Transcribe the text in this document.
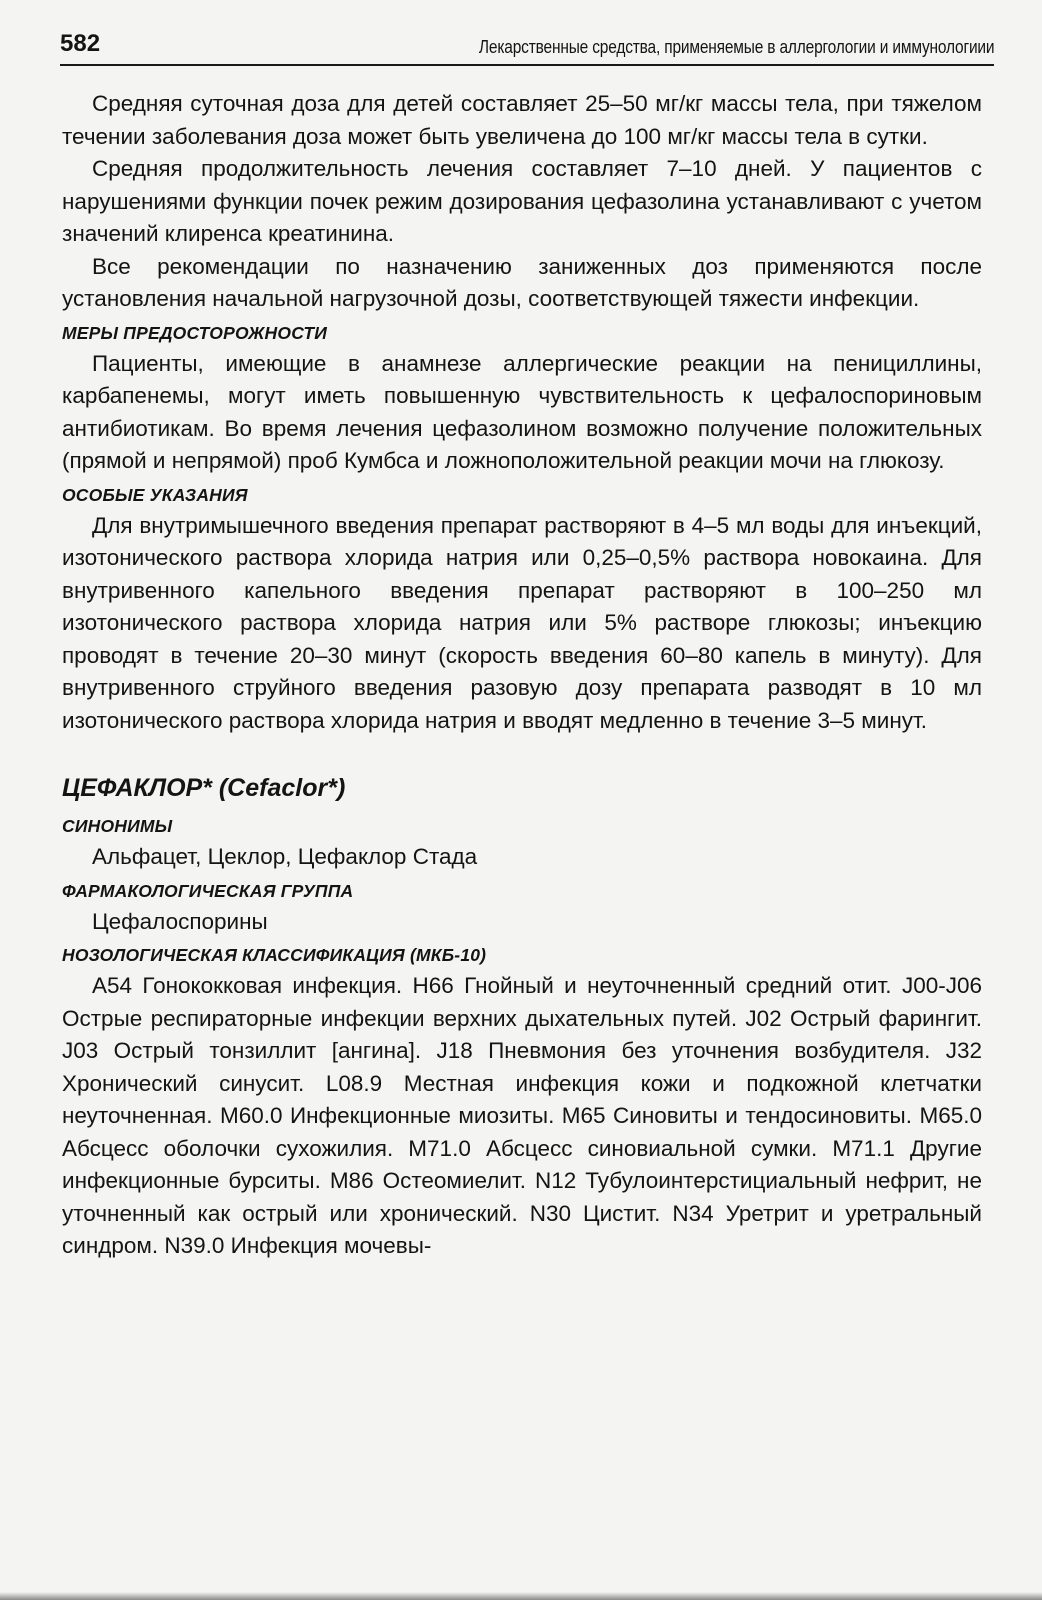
582	Лекарственные средства, применяемые в аллергологии и иммунологиии

Средняя суточная доза для детей составляет 25–50 мг/кг массы тела, при тяжелом течении заболевания доза может быть увеличена до 100 мг/кг массы тела в сутки.

Средняя продолжительность лечения составляет 7–10 дней. У пациентов с нарушениями функции почек режим дозирования цефазолина устанавливают с учетом значений клиренса креатинина.

Все рекомендации по назначению заниженных доз применяются после установления начальной нагрузочной дозы, соответствующей тяжести инфекции.

МЕРЫ ПРЕДОСТОРОЖНОСТИ

Пациенты, имеющие в анамнезе аллергические реакции на пенициллины, карбапенемы, могут иметь повышенную чувствительность к цефалоспориновым антибиотикам. Во время лечения цефазолином возможно получение положительных (прямой и непрямой) проб Кумбса и ложноположительной реакции мочи на глюкозу.

ОСОБЫЕ УКАЗАНИЯ

Для внутримышечного введения препарат растворяют в 4–5 мл воды для инъекций, изотонического раствора хлорида натрия или 0,25–0,5% раствора новокаина. Для внутривенного капельного введения препарат растворяют в 100–250 мл изотонического раствора хлорида натрия или 5% растворе глюкозы; инъекцию проводят в течение 20–30 минут (скорость введения 60–80 капель в минуту). Для внутривенного струйного введения разовую дозу препарата разводят в 10 мл изотонического раствора хлорида натрия и вводят медленно в течение 3–5 минут.

ЦЕФАКЛОР* (Cefaclor*)
СИНОНИМЫ

Альфацет, Цеклор, Цефаклор Стада

ФАРМАКОЛОГИЧЕСКАЯ ГРУППА

Цефалоспорины

НОЗОЛОГИЧЕСКАЯ КЛАССИФИКАЦИЯ (МКБ-10)

А54 Гонококковая инфекция. H66 Гнойный и неуточненный средний отит. J00-J06 Острые респираторные инфекции верхних дыхательных путей. J02 Острый фарингит. J03 Острый тонзиллит [ангина]. J18 Пневмония без уточнения возбудителя. J32 Хронический синусит. L08.9 Местная инфекция кожи и подкожной клетчатки неуточненная. M60.0 Инфекционные миозиты. M65 Синовиты и тендосиновиты. M65.0 Абсцесс оболочки сухожилия. M71.0 Абсцесс синовиальной сумки. M71.1 Другие инфекционные бурситы. M86 Остеомиелит. N12 Тубулоинтерстициальный нефрит, не уточненный как острый или хронический. N30 Цистит. N34 Уретрит и уретральный синдром. N39.0 Инфекция мочевы-
